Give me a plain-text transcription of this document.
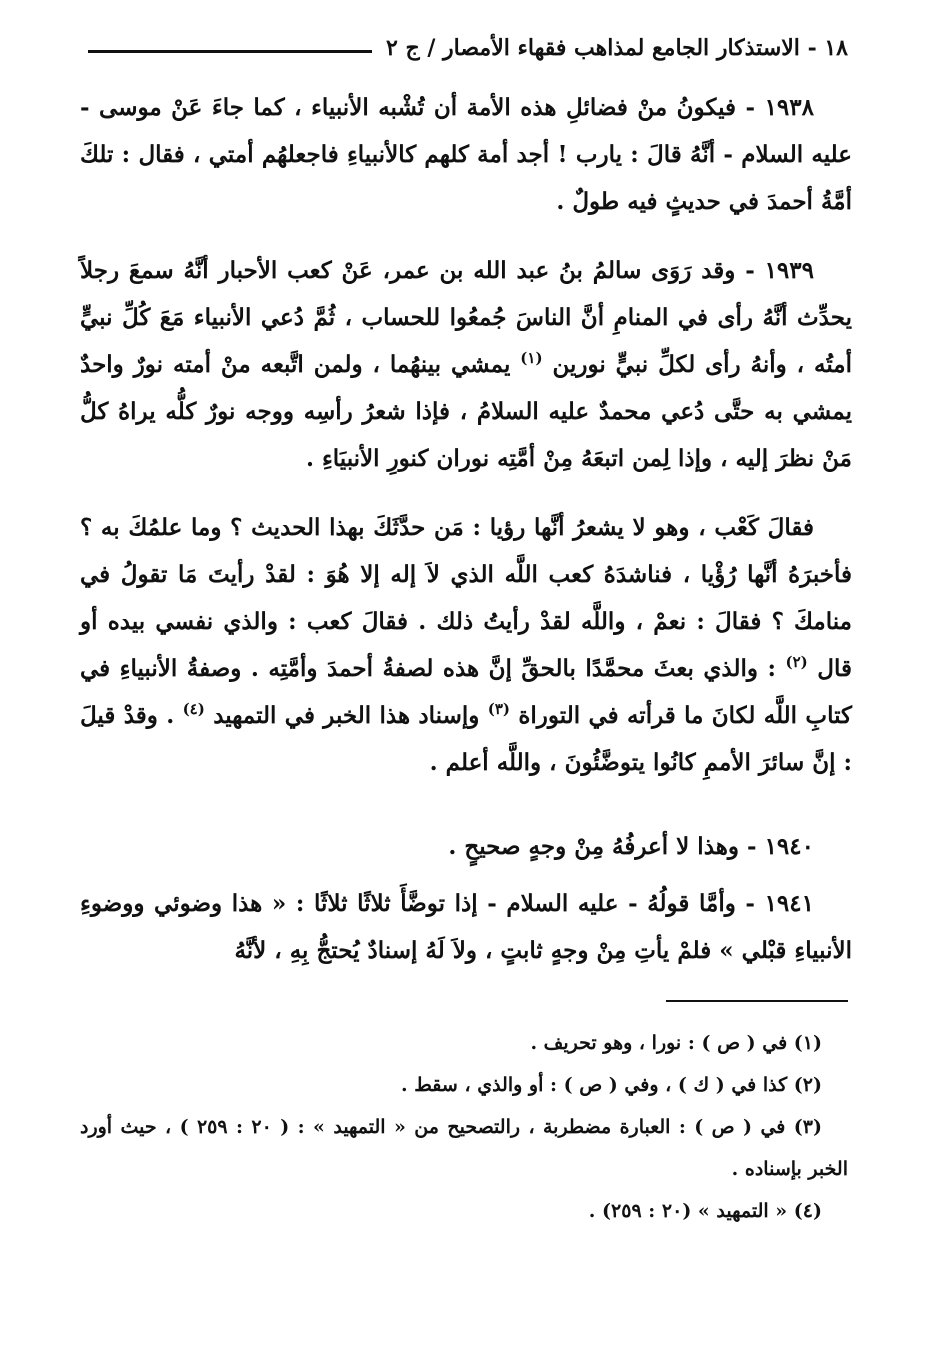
١٨ - الاستذكار الجامع لمذاهب فقهاء الأمصار / ج ٢

١٩٣٨ - فيكونُ منْ فضائلِ هذه الأمة أن تُشْبه الأنبياء ، كما جاءَ عَنْ موسى - عليه السلام - أنَّهُ قالَ : يارب ! أجد أمة كلهم كالأنبياءِ فاجعلهُم أمتي ، فقال : تلكَ أمَّةُ أحمدَ في حديثٍ فيه طولٌ .

١٩٣٩ - وقد رَوَى سالمُ بنُ عبد الله بن عمر، عَنْ كعب الأحبار أنَّهُ سمعَ رجلاً يحدِّث أنَّهُ رأى في المنامِ أنَّ الناسَ جُمعُوا للحساب ، ثُمَّ دُعي الأنبياء مَعَ كُلِّ نبيٍّ أمتُه ، وأنهُ رأى لكلِّ نبيٍّ نورين $^{(١)}$ يمشي بينهُما ، ولمن اتَّبعه منْ أمته نورٌ واحدٌ يمشي به حتَّى دُعي محمدٌ عليه السلامُ ، فإذا شعرُ رأسِه ووجه نورٌ كلُّه يراهُ كلُّ مَنْ نظرَ إليه ، وإذا لِمن اتبعَهُ مِنْ أمَّتِه نوران كنورِ الأنبيَاءِ .

فقالَ كَعْب ، وهو لا يشعرُ أنَّها رؤيا : مَن حدَّثَكَ بهذا الحديث ؟ وما علمُكَ به ؟ فأخبرَهُ أنَّها رُؤْيا ، فناشدَهُ كعب اللَّه الذي لاَ إله إلا هُوَ : لقدْ رأيتَ مَا تقولُ في منامكَ ؟ فقالَ : نعمْ ، واللَّه لقدْ رأيتُ ذلك . فقالَ كعب : والذي نفسي بيده أو قال $^{(٢)}$ : والذي بعثَ محمَّدًا بالحقِّ إنَّ هذه لصفةُ أحمدَ وأمَّتِه . وصفةُ الأنبياءِ في كتابِ اللَّه لكانَ ما قرأته في التوراة $^{(٣)}$ وإسناد هذا الخبر في التمهيد $^{(٤)}$ . وقدْ قيلَ : إنَّ سائرَ الأممِ كانُوا يتوضَّئُونَ ، واللَّه أعلم .

١٩٤٠ - وهذا لا أعرفُهُ مِنْ وجهٍ صحيحٍ .

١٩٤١ - وأمَّا قولُهُ - عليه السلام - إذا توضَّأَ ثلاثًا ثلاثًا : « هذا وضوئي ووضوءِ الأنبياءِ قبْلي » فلمْ يأتِ مِنْ وجهٍ ثابتٍ ، ولاَ لَهُ إسنادٌ يُحتجُّ بِهِ ، لأنَّهُ

(١) في ( ص ) : نورا ، وهو تحريف .

(٢) كذا في ( ك ) ، وفي ( ص ) : أو والذي ، سقط .

(٣) في ( ص ) : العبارة مضطربة ، رالتصحيح من « التمهيد » : ( ٢٠ : ٢٥٩ ) ، حيث أورد الخبر بإسناده .

(٤) « التمهيد » (٢٠ : ٢٥٩) .
